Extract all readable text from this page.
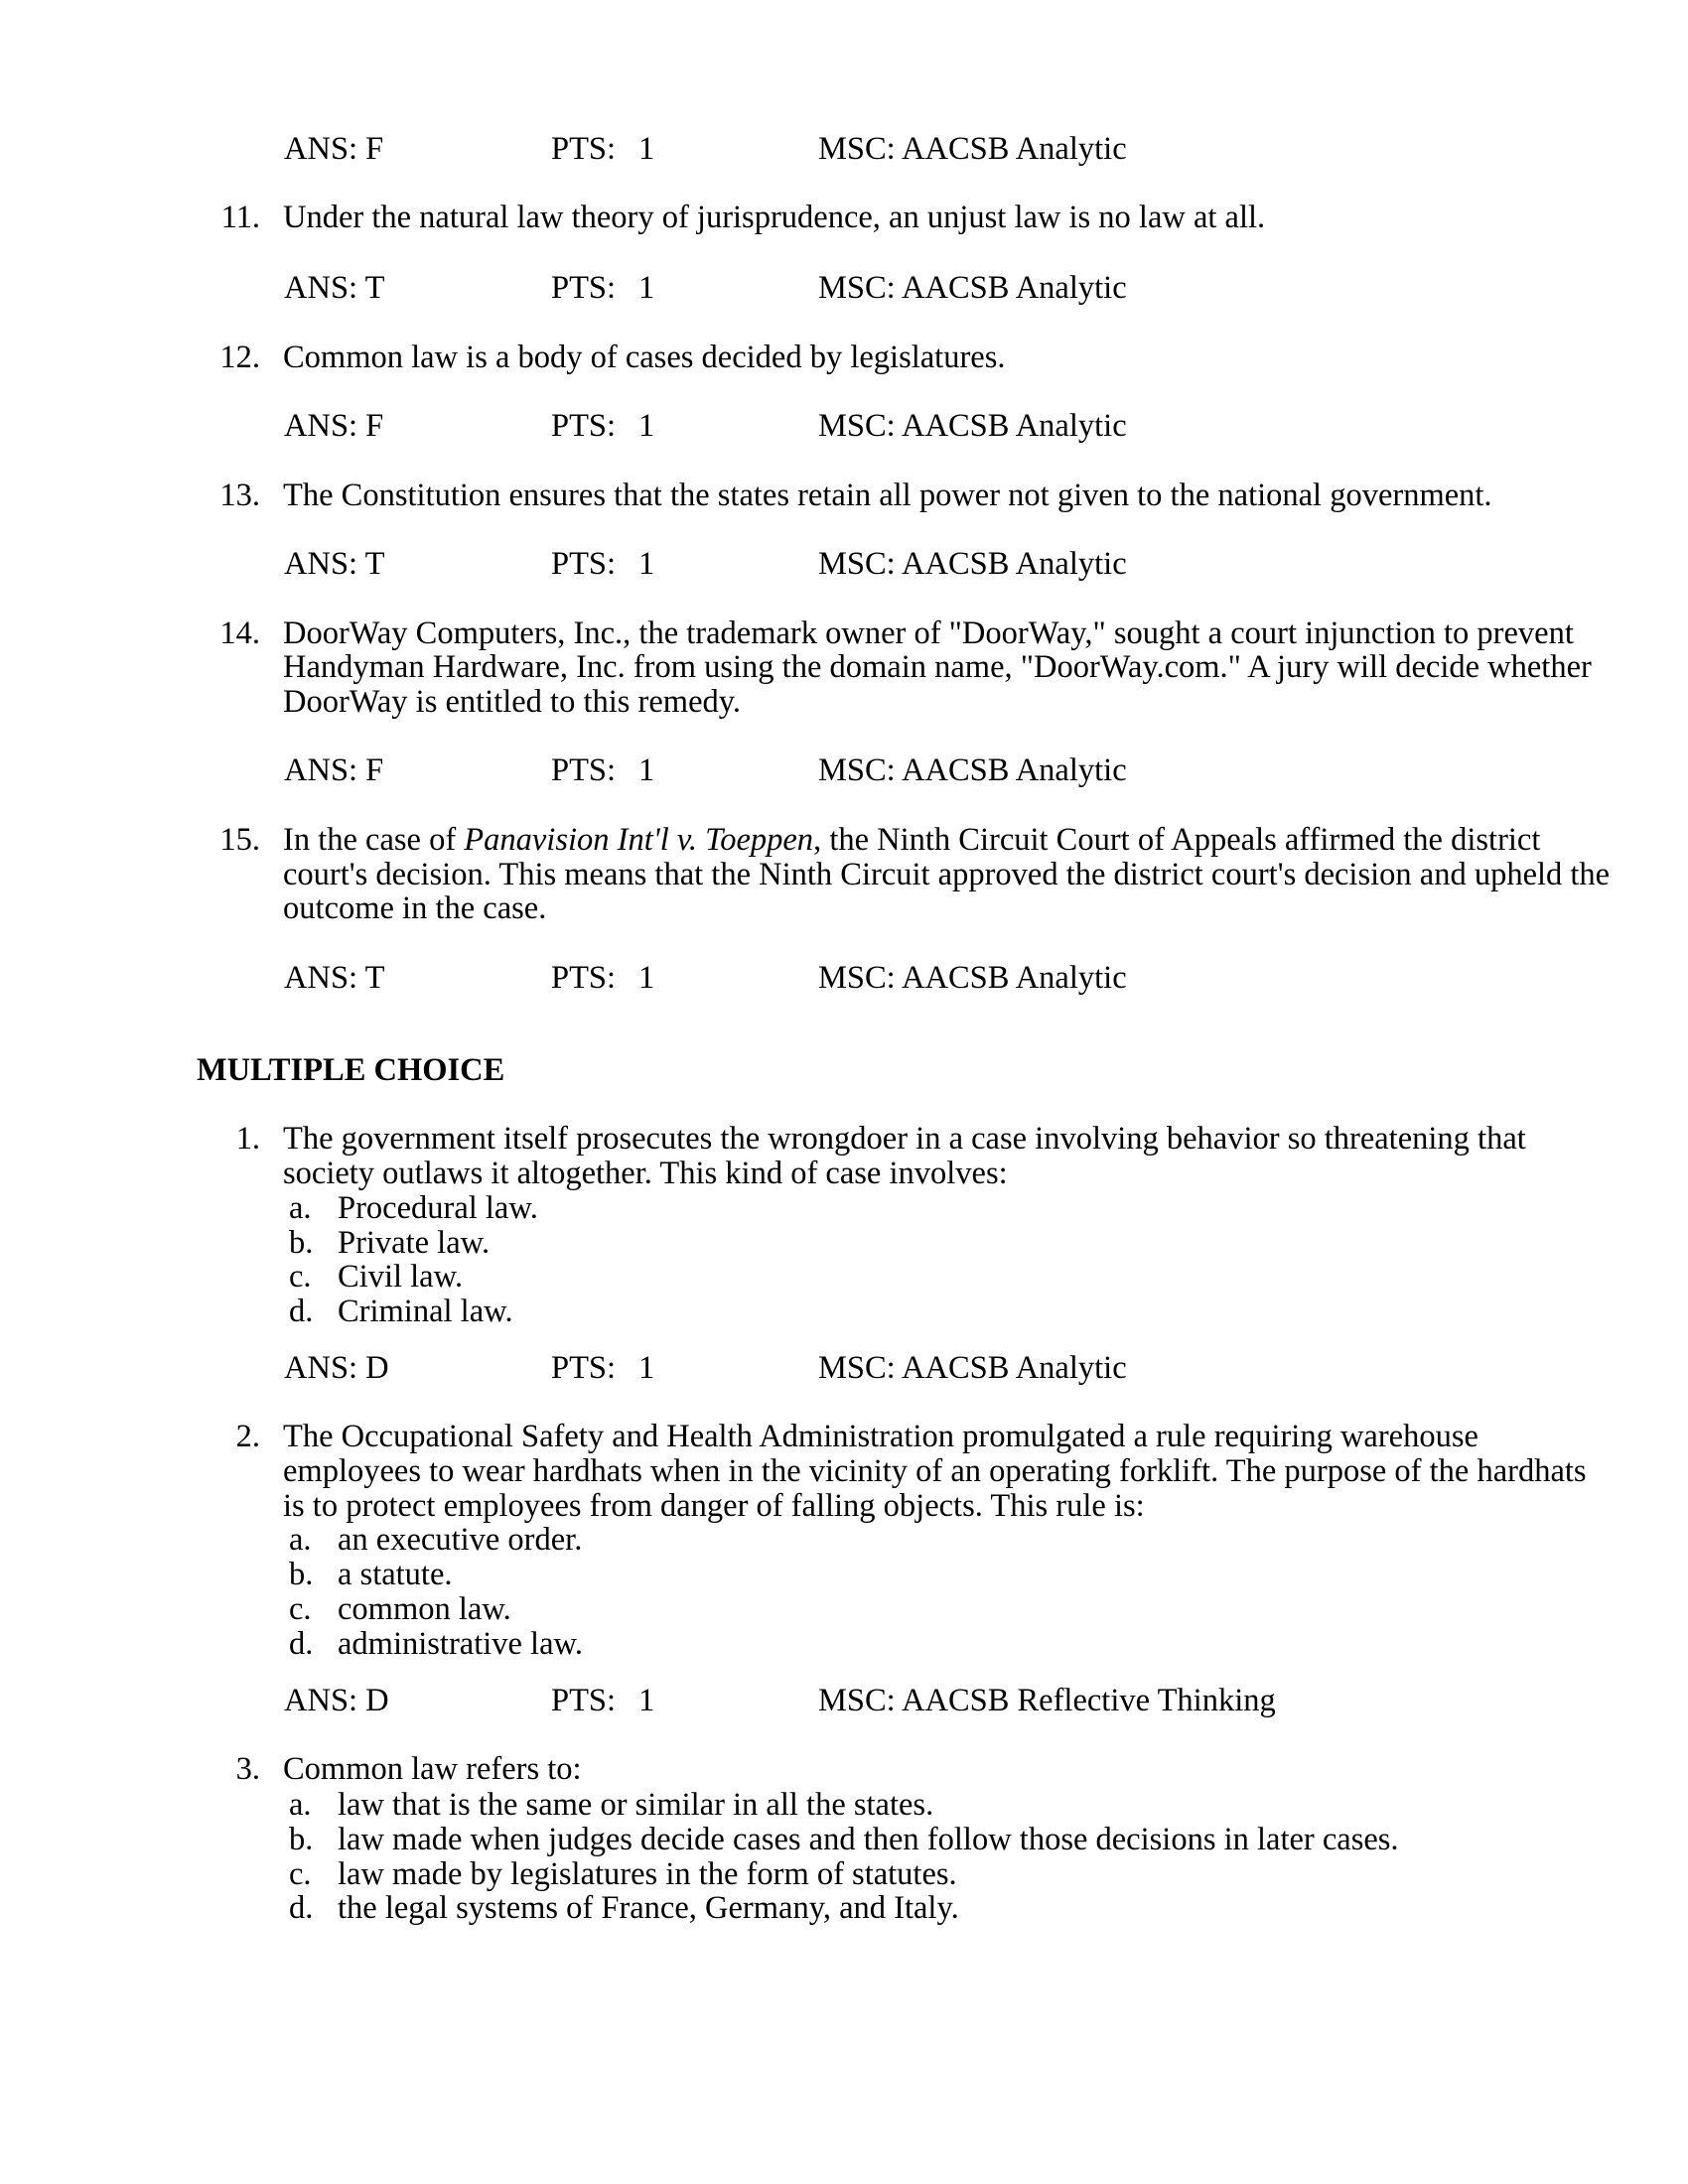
ANS: F	PTS: 1	MSC: AACSB Analytic
11. Under the natural law theory of jurisprudence, an unjust law is no law at all.
ANS: T	PTS: 1	MSC: AACSB Analytic
12. Common law is a body of cases decided by legislatures.
ANS: F	PTS: 1	MSC: AACSB Analytic
13. The Constitution ensures that the states retain all power not given to the national government.
ANS: T	PTS: 1	MSC: AACSB Analytic
14. DoorWay Computers, Inc., the trademark owner of "DoorWay," sought a court injunction to prevent
Handyman Hardware, Inc. from using the domain name, "DoorWay.com." A jury will decide whether
DoorWay is entitled to this remedy.
ANS: F	PTS: 1	MSC: AACSB Analytic
15. In the case of Panavision Int'l v. Toeppen, the Ninth Circuit Court of Appeals affirmed the district
court's decision. This means that the Ninth Circuit approved the district court's decision and upheld the
outcome in the case.
ANS: T	PTS: 1	MSC: AACSB Analytic
MULTIPLE CHOICE
1. The government itself prosecutes the wrongdoer in a case involving behavior so threatening that
society outlaws it altogether. This kind of case involves:
a. Procedural law.
b. Private law.
c. Civil law.
d. Criminal law.
ANS: D	PTS: 1	MSC: AACSB Analytic
2. The Occupational Safety and Health Administration promulgated a rule requiring warehouse
employees to wear hardhats when in the vicinity of an operating forklift. The purpose of the hardhats
is to protect employees from danger of falling objects. This rule is:
a. an executive order.
b. a statute.
c. common law.
d. administrative law.
ANS: D	PTS: 1	MSC: AACSB Reflective Thinking
3. Common law refers to:
a. law that is the same or similar in all the states.
b. law made when judges decide cases and then follow those decisions in later cases.
c. law made by legislatures in the form of statutes.
d. the legal systems of France, Germany, and Italy.
